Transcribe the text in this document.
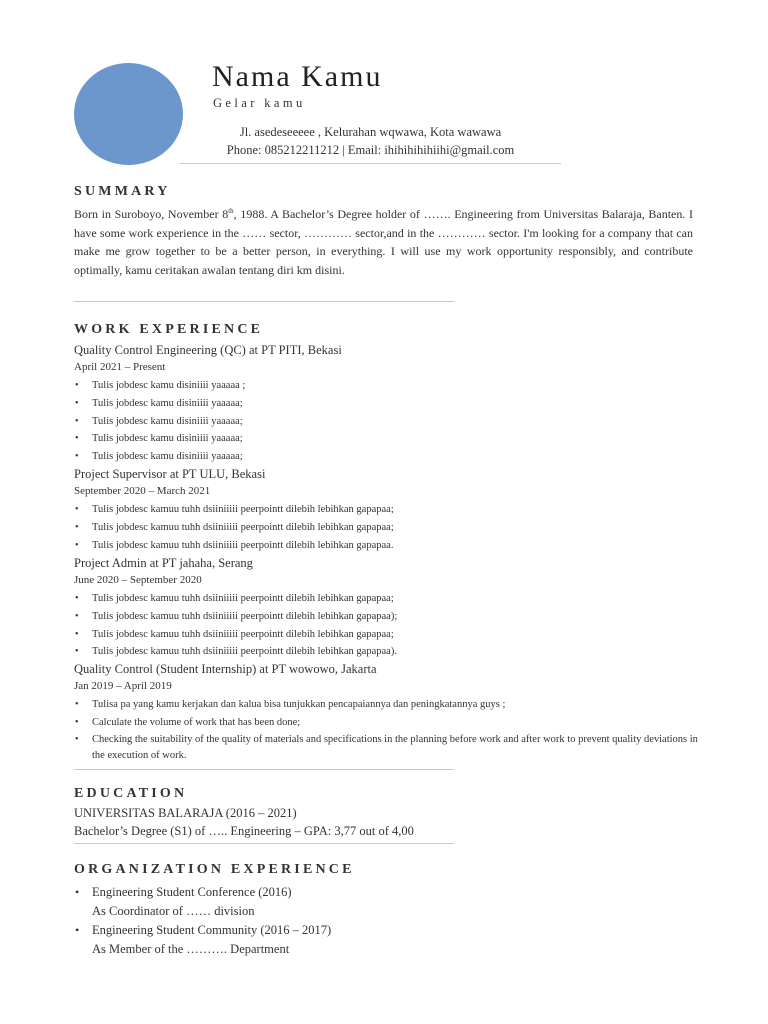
Nama Kamu
Gelar kamu
Jl. asedeseeeee , Kelurahan wqwawa, Kota wawawa
Phone: 085212211212 | Email: ihihihihihiihi@gmail.com
SUMMARY
Born in Suroboyo, November 8th, 1988. A Bachelor’s Degree holder of ……. Engineering from Universitas Balaraja, Banten. I have some work experience in the …… sector, ………… sector,and in the ………… sector. I'm looking for a company that can make me grow together to be a better person, in everything. I will use my work opportunity responsibly, and contribute optimally, kamu ceritakan awalan tentang diri km disini.
WORK EXPERIENCE
Quality Control Engineering (QC) at PT PITI, Bekasi
April 2021 – Present
• Tulis jobdesc kamu disiniiii yaaaaa ;
• Tulis jobdesc kamu disiniiii yaaaaa;
• Tulis jobdesc kamu disiniiii yaaaaa;
• Tulis jobdesc kamu disiniiii yaaaaa;
• Tulis jobdesc kamu disiniiii yaaaaa;
Project Supervisor at PT ULU, Bekasi
September 2020 – March 2021
• Tulis jobdesc kamuu tuhh dsiiniiiii peerpointt dilebih lebihkan gapapaa;
• Tulis jobdesc kamuu tuhh dsiiniiiii peerpointt dilebih lebihkan gapapaa;
• Tulis jobdesc kamuu tuhh dsiiniiiii peerpointt dilebih lebihkan gapapaa.
Project Admin at PT jahaha, Serang
June 2020 – September 2020
• Tulis jobdesc kamuu tuhh dsiiniiiii peerpointt dilebih lebihkan gapapaa;
• Tulis jobdesc kamuu tuhh dsiiniiiii peerpointt dilebih lebihkan gapapaa);
• Tulis jobdesc kamuu tuhh dsiiniiiii peerpointt dilebih lebihkan gapapaa;
• Tulis jobdesc kamuu tuhh dsiiniiiii peerpointt dilebih lebihkan gapapaa).
Quality Control (Student Internship) at PT wowowo, Jakarta
Jan 2019 – April 2019
• Tulisa pa yang kamu kerjakan dan kalua bisa tunjukkan pencapaiannya dan peningkatannya guys ;
• Calculate the volume of work that has been done;
• Checking the suitability of the quality of materials and specifications in the planning before work and after work to prevent quality deviations in the execution of work.
EDUCATION
UNIVERSITAS BALARAJA (2016 – 2021)
Bachelor’s Degree (S1) of ….. Engineering – GPA: 3,77 out of 4,00
ORGANIZATION EXPERIENCE
• Engineering Student Conference (2016)
As Coordinator of …… division
• Engineering Student Community (2016 – 2017)
As Member of the ………. Department
